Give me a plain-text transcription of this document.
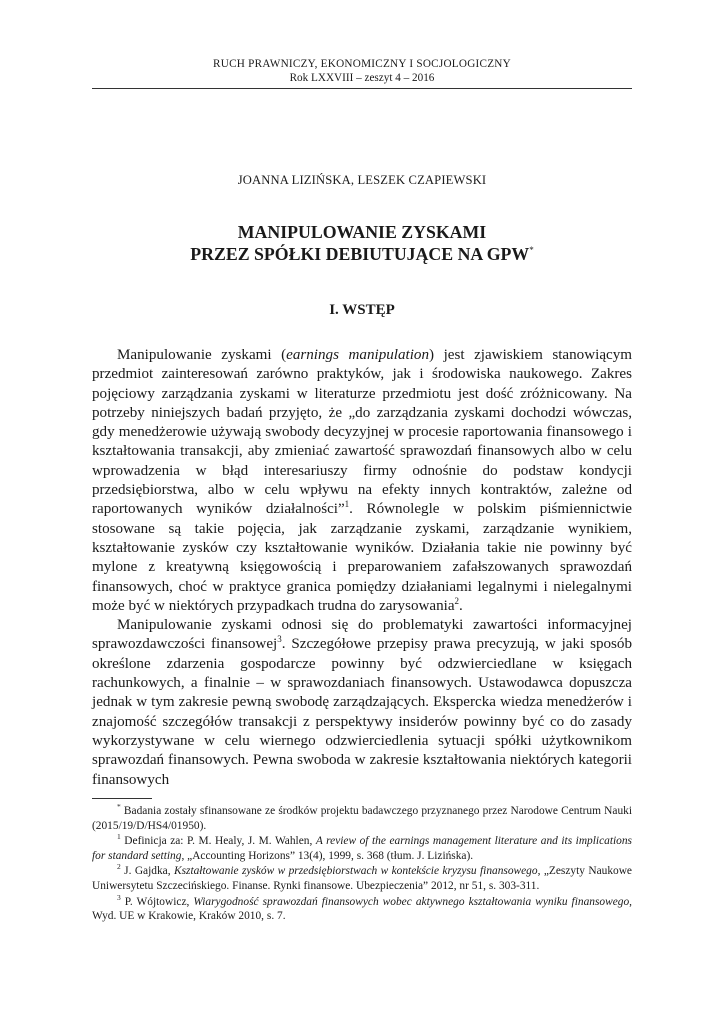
RUCH PRAWNICZY, EKONOMICZNY I SOCJOLOGICZNY
Rok LXXVIII – zeszyt 4 – 2016
JOANNA LIZIŃSKA, LESZEK CZAPIEWSKI
MANIPULOWANIE ZYSKAMI
PRZEZ SPÓŁKI DEBIUTUJĄCE NA GPW*
I. WSTĘP

Manipulowanie zyskami (earnings manipulation) jest zjawiskiem stanowiącym przedmiot zainteresowań zarówno praktyków, jak i środowiska naukowego. Zakres pojęciowy zarządzania zyskami w literaturze przedmiotu jest dość zróżnicowany. Na potrzeby niniejszych badań przyjęto, że „do zarządzania zyskami dochodzi wówczas, gdy menedżerowie używają swobody decyzyjnej w procesie raportowania finansowego i kształtowania transakcji, aby zmieniać zawartość sprawozdań finansowych albo w celu wprowadzenia w błąd interesariuszy firmy odnośnie do podstaw kondycji przedsiębiorstwa, albo w celu wpływu na efekty innych kontraktów, zależne od raportowanych wyników działalności”$^1$. Równolegle w polskim piśmiennictwie stosowane są takie pojęcia, jak zarządzanie zyskami, zarządzanie wynikiem, kształtowanie zysków czy kształtowanie wyników. Działania takie nie powinny być mylone z kreatywną księgowością i preparowaniem zafałszowanych sprawozdań finansowych, choć w praktyce granica pomiędzy działaniami legalnymi i nielegalnymi może być w niektórych przypadkach trudna do zarysowania$^2$.

Manipulowanie zyskami odnosi się do problematyki zawartości informacyjnej sprawozdawczości finansowej$^3$. Szczegółowe przepisy prawa precyzują, w jaki sposób określone zdarzenia gospodarcze powinny być odzwierciedlane w księgach rachunkowych, a finalnie – w sprawozdaniach finansowych. Ustawodawca dopuszcza jednak w tym zakresie pewną swobodę zarządzających. Ekspercka wiedza menedżerów i znajomość szczegółów transakcji z perspektywy insiderów powinny być co do zasady wykorzystywane w celu wiernego odzwierciedlenia sytuacji spółki użytkownikom sprawozdań finansowych. Pewna swoboda w zakresie kształtowania niektórych kategorii finansowych

* Badania zostały sfinansowane ze środków projektu badawczego przyznanego przez Narodowe Centrum Nauki (2015/19/D/HS4/01950).

$^1$ Definicja za: P. M. Healy, J. M. Wahlen, A review of the earnings management literature and its implications for standard setting, „Accounting Horizons” 13(4), 1999, s. 368 (tłum. J. Lizińska).

$^2$ J. Gajdka, Kształtowanie zysków w przedsiębiorstwach w kontekście kryzysu finansowego, „Zeszyty Naukowe Uniwersytetu Szczecińskiego. Finanse. Rynki finansowe. Ubezpieczenia” 2012, nr 51, s. 303-311.

$^3$ P. Wójtowicz, Wiarygodność sprawozdań finansowych wobec aktywnego kształtowania wyniku finansowego, Wyd. UE w Krakowie, Kraków 2010, s. 7.
